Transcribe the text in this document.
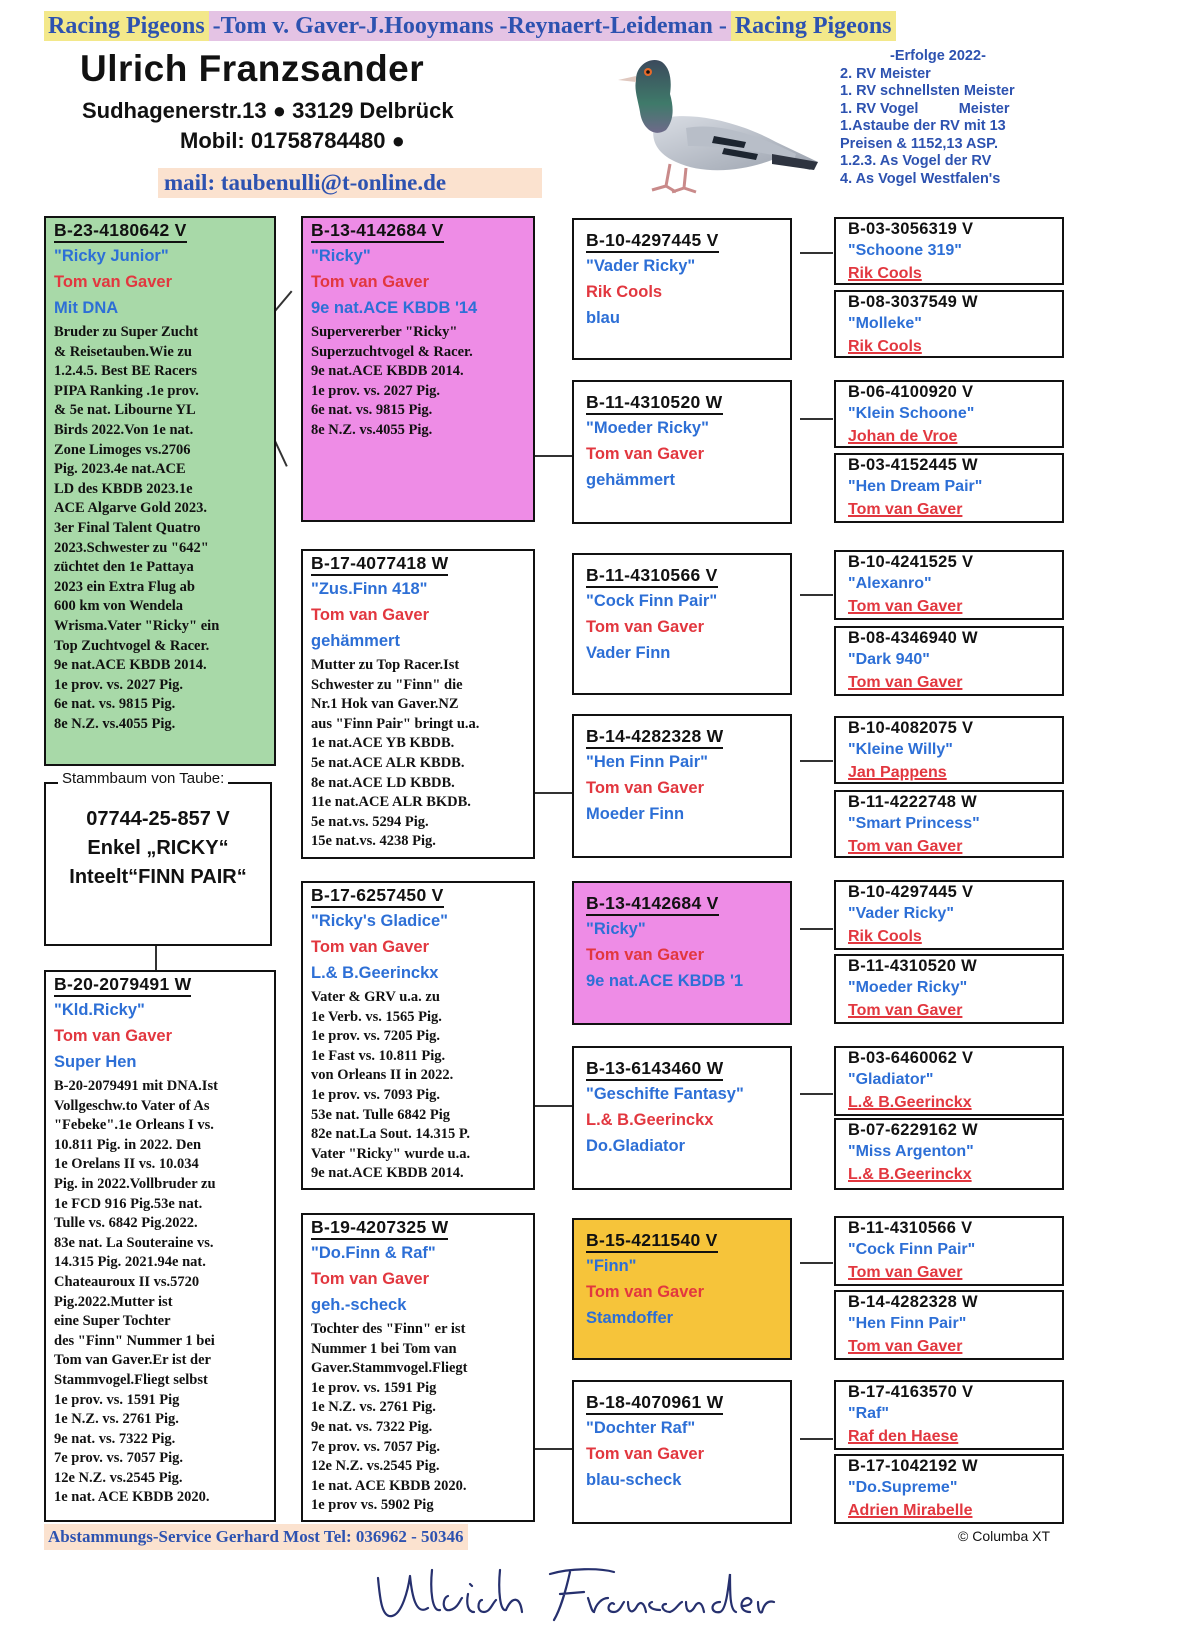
Racing Pigeons -Tom v. Gaver-J.Hooymans -Reynaert-Leideman - Racing Pigeons
Ulrich Franzsander
Sudhagenerstr.13 ● 33129 Delbrück
Mobil: 01758784480 ●
mail: taubenulli@t-online.de
-Erfolge 2022-
2. RV Meister
1. RV schnellsten Meister
1. RV Vogel          Meister
1.Astaube der RV mit 13
Preisen & 1152,13 ASP.
1.2.3. As Vogel der RV
4. As Vogel Westfalen's
B-23-4180642 V
"Ricky Junior"
Tom van Gaver
Mit DNA
Bruder zu Super Zucht
& Reisetauben.Wie zu
1.2.4.5. Best BE Racers
PIPA Ranking .1e prov.
& 5e nat. Libourne YL
Birds 2022.Von 1e nat.
Zone Limoges vs.2706
Pig. 2023.4e nat.ACE
LD des KBDB 2023.1e
ACE Algarve Gold 2023.
3er Final Talent Quatro
2023.Schwester zu "642"
züchtet den 1e Pattaya
2023 ein Extra Flug ab
600 km von Wendela
Wrisma.Vater "Ricky" ein
Top Zuchtvogel & Racer.
9e nat.ACE KBDB 2014.
1e prov. vs. 2027 Pig.
6e nat. vs. 9815 Pig.
8e N.Z. vs.4055 Pig.
07744-25-857 V
Enkel „RICKY“
Inteelt“FINN PAIR“
Stammbaum von Taube:
B-20-2079491 W
"Kld.Ricky"
Tom van Gaver
Super Hen
B-20-2079491 mit DNA.Ist
Vollgeschw.to Vater of As
"Febeke".1e Orleans I vs.
10.811 Pig. in 2022. Den
1e Orelans II vs. 10.034
Pig. in 2022.Vollbruder zu
1e FCD 916 Pig.53e nat.
Tulle vs. 6842 Pig.2022.
83e nat. La Souteraine vs.
14.315 Pig. 2021.94e nat.
Chateauroux II vs.5720
Pig.2022.Mutter ist
eine Super Tochter
des "Finn" Nummer 1 bei
Tom van Gaver.Er ist der
Stammvogel.Fliegt selbst
1e prov. vs. 1591 Pig
1e N.Z. vs. 2761 Pig.
9e nat. vs. 7322 Pig.
7e prov. vs. 7057 Pig.
12e N.Z. vs.2545 Pig.
1e nat. ACE KBDB 2020.
B-13-4142684 V
"Ricky"
Tom van Gaver
9e nat.ACE KBDB '14
Supervererber "Ricky"
Superzuchtvogel & Racer.
9e nat.ACE KBDB 2014.
1e prov. vs. 2027 Pig.
6e nat. vs. 9815 Pig.
8e N.Z. vs.4055 Pig.
B-17-4077418 W
"Zus.Finn 418"
Tom van Gaver
gehämmert
Mutter zu Top Racer.Ist
Schwester zu "Finn" die
Nr.1 Hok van Gaver.NZ
aus "Finn Pair" bringt u.a.
1e nat.ACE YB KBDB.
5e nat.ACE ALR KBDB.
8e nat.ACE LD KBDB.
11e nat.ACE ALR BKDB.
5e nat.vs. 5294 Pig.
15e nat.vs. 4238 Pig.
B-17-6257450 V
"Ricky's Gladice"
Tom van Gaver
L.& B.Geerinckx
Vater & GRV u.a. zu
1e Verb. vs. 1565 Pig.
1e prov. vs. 7205 Pig.
1e Fast vs. 10.811 Pig.
von Orleans II in 2022.
1e prov. vs. 7093 Pig.
53e nat. Tulle 6842 Pig
82e nat.La Sout. 14.315 P.
Vater "Ricky" wurde u.a.
9e nat.ACE KBDB 2014.
B-19-4207325 W
"Do.Finn & Raf"
Tom van Gaver
geh.-scheck
Tochter des "Finn" er ist
Nummer 1 bei Tom van
Gaver.Stammvogel.Fliegt
1e prov. vs. 1591 Pig
1e N.Z. vs. 2761 Pig.
9e nat. vs. 7322 Pig.
7e prov. vs. 7057 Pig.
12e N.Z. vs.2545 Pig.
1e nat. ACE KBDB 2020.
1e prov vs. 5902 Pig
B-10-4297445 V
"Vader Ricky"
Rik Cools
blau
B-11-4310520 W
"Moeder Ricky"
Tom van Gaver
gehämmert
B-11-4310566 V
"Cock Finn Pair"
Tom van Gaver
Vader Finn
B-14-4282328 W
"Hen Finn Pair"
Tom van Gaver
Moeder Finn
B-13-4142684 V
"Ricky"
Tom van Gaver
9e nat.ACE KBDB '1
B-13-6143460 W
"Geschifte Fantasy"
L.& B.Geerinckx
Do.Gladiator
B-15-4211540 V
"Finn"
Tom van Gaver
Stamdoffer
B-18-4070961 W
"Dochter Raf"
Tom van Gaver
blau-scheck
B-03-3056319 V
"Schoone 319"
Rik Cools
B-08-3037549 W
"Molleke"
Rik Cools
B-06-4100920 V
"Klein Schoone"
Johan de Vroe
B-03-4152445 W
"Hen Dream Pair"
Tom van Gaver
B-10-4241525 V
"Alexanro"
Tom van Gaver
B-08-4346940 W
"Dark 940"
Tom van Gaver
B-10-4082075 V
"Kleine Willy"
Jan Pappens
B-11-4222748 W
"Smart Princess"
Tom van Gaver
B-10-4297445 V
"Vader Ricky"
Rik Cools
B-11-4310520 W
"Moeder Ricky"
Tom van Gaver
B-03-6460062 V
"Gladiator"
L.& B.Geerinckx
B-07-6229162 W
"Miss Argenton"
L.& B.Geerinckx
B-11-4310566 V
"Cock Finn Pair"
Tom van Gaver
B-14-4282328 W
"Hen Finn Pair"
Tom van Gaver
B-17-4163570 V
"Raf"
Raf den Haese
B-17-1042192 W
"Do.Supreme"
Adrien Mirabelle
Abstammungs-Service Gerhard Most Tel: 036962 - 50346	© Columba XT
